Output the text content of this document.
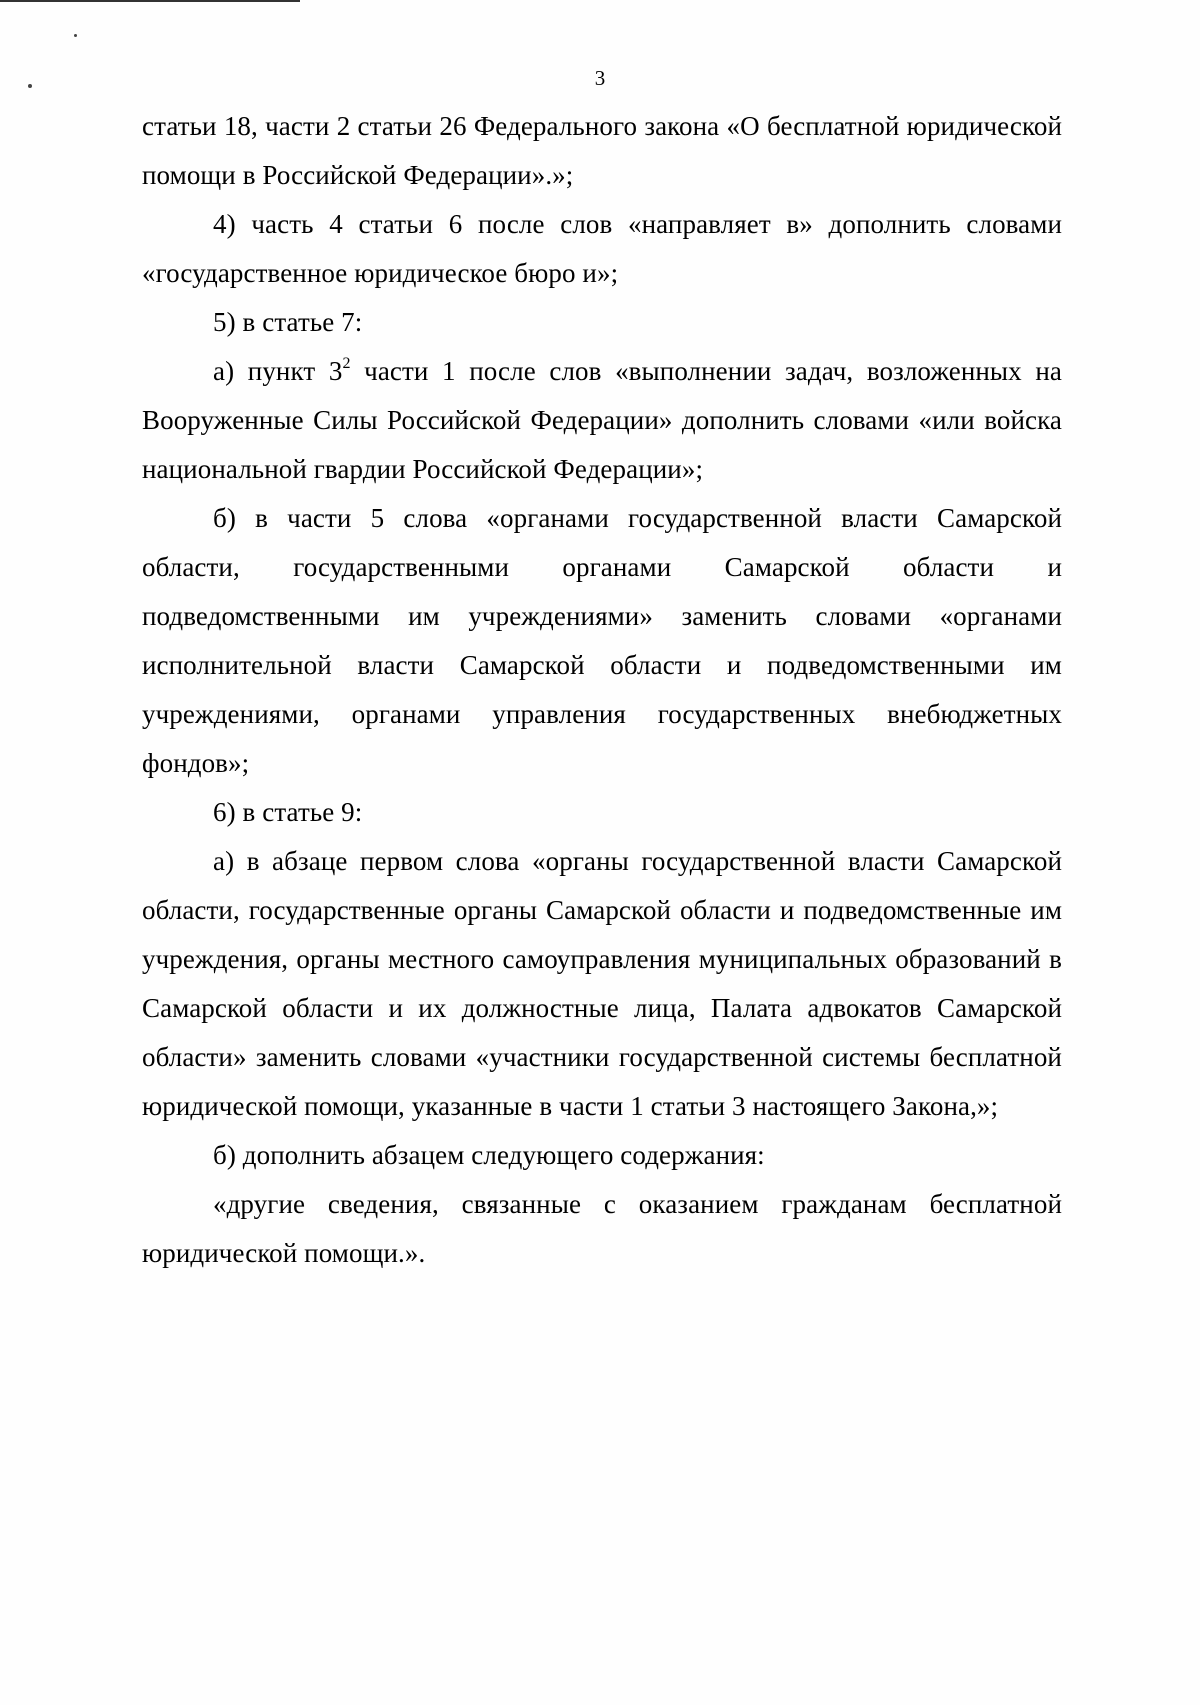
3

статьи 18, части 2 статьи 26 Федерального закона «О бесплатной юридической помощи в Российской Федерации».»;

4) часть 4 статьи 6 после слов «направляет в» дополнить словами «государственное юридическое бюро и»;

5) в статье 7:

а) пункт $3^2$ части 1 после слов «выполнении задач, возложенных на Вооруженные Силы Российской Федерации» дополнить словами «или войска национальной гвардии Российской Федерации»;

б) в части 5 слова «органами государственной власти Самарской области, государственными органами Самарской области и подведомственными им учреждениями» заменить словами «органами исполнительной власти Самарской области и подведомственными им учреждениями, органами управления государственных внебюджетных фондов»;

6) в статье 9:

а) в абзаце первом слова «органы государственной власти Самарской области, государственные органы Самарской области и подведомственные им учреждения, органы местного самоуправления муниципальных образований в Самарской области и их должностные лица, Палата адвокатов Самарской области» заменить словами «участники государственной системы бесплатной юридической помощи, указанные в части 1 статьи 3 настоящего Закона,»;

б) дополнить абзацем следующего содержания:

«другие сведения, связанные с оказанием гражданам бесплатной юридической помощи.».
